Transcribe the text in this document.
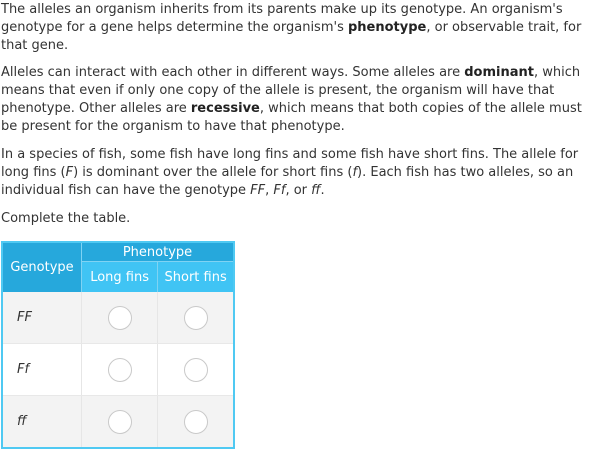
The alleles an organism inherits from its parents make up its genotype. An organism's genotype for a gene helps determine the organism's phenotype, or observable trait, for that gene.

Alleles can interact with each other in different ways. Some alleles are dominant, which means that even if only one copy of the allele is present, the organism will have that phenotype. Other alleles are recessive, which means that both copies of the allele must be present for the organism to have that phenotype.

In a species of fish, some fish have long fins and some fish have short fins. The allele for long fins (F) is dominant over the allele for short fins (f). Each fish has two alleles, so an individual fish can have the genotype FF, Ff, or ff.

Complete the table.

Genotype	Phenotype	
	Long fins	Short fins
FF		
Ff		
ff		
